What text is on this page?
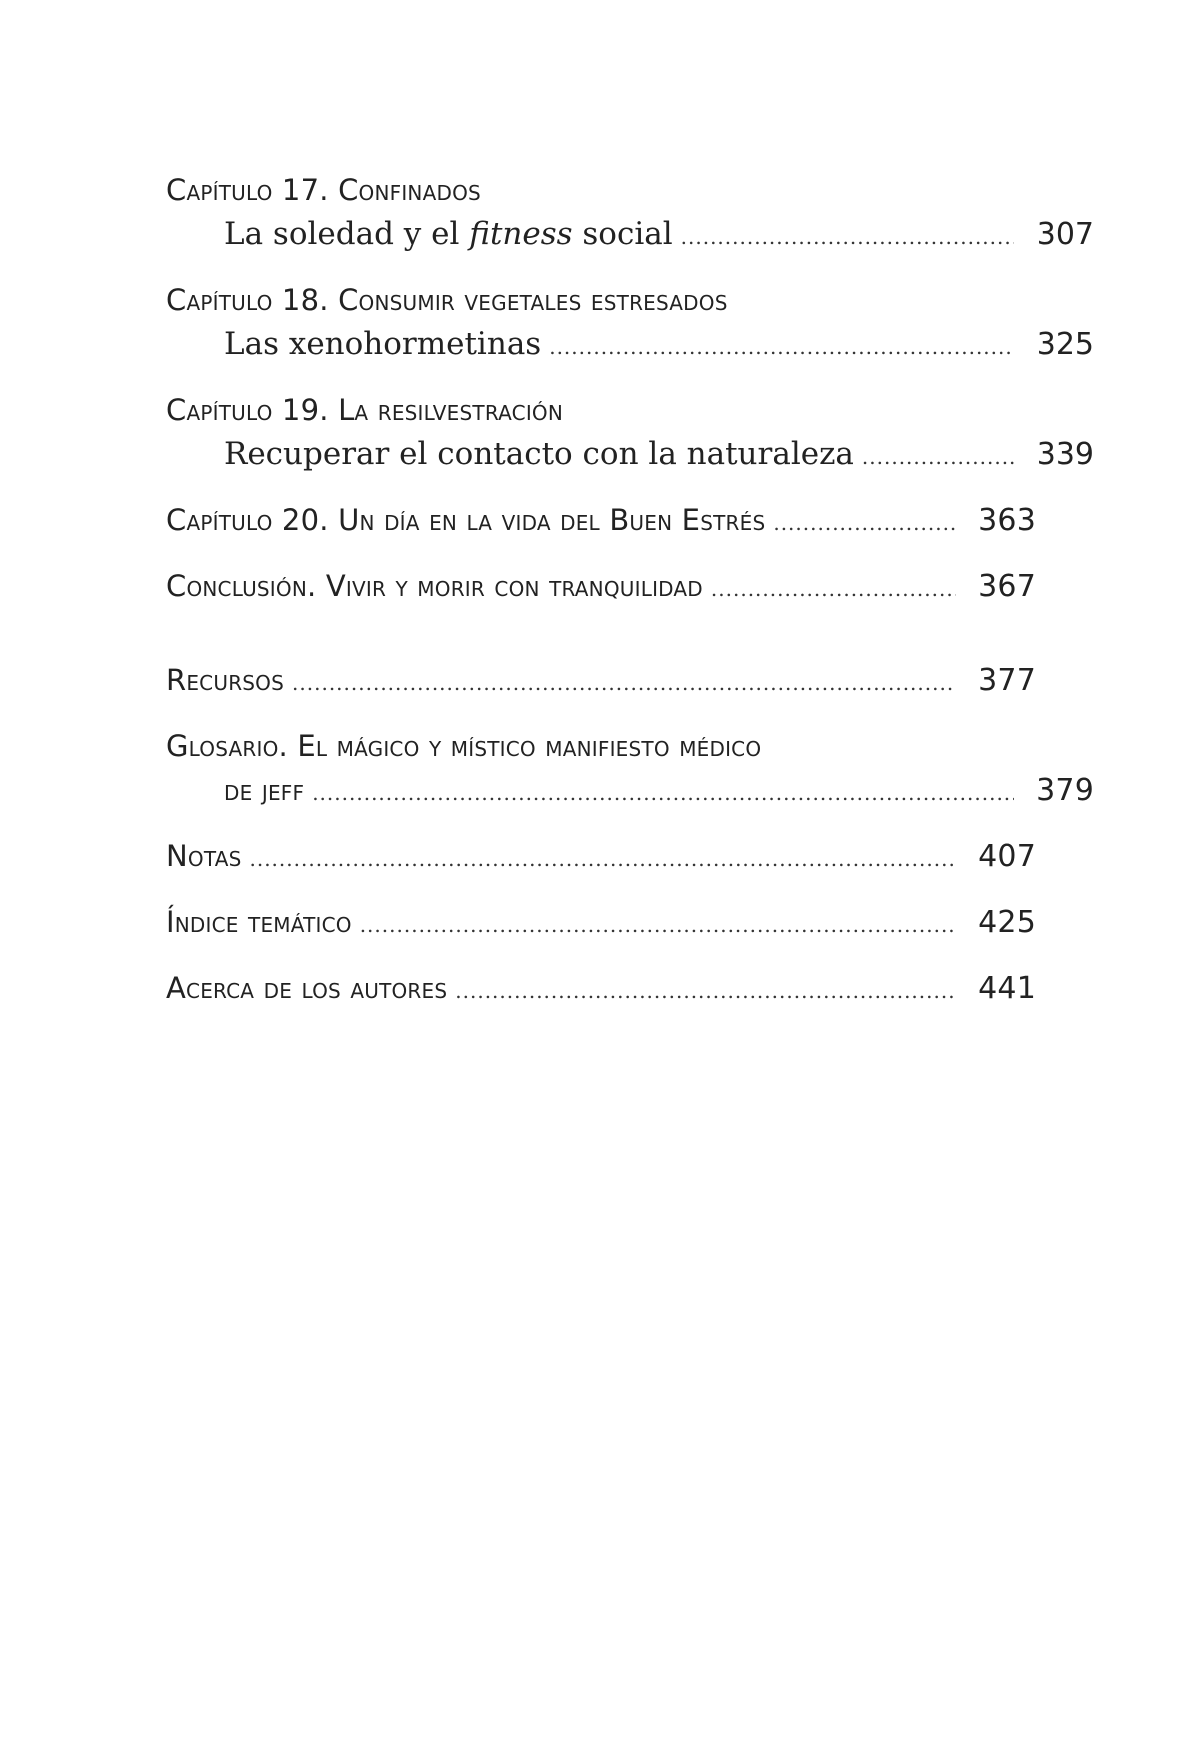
Capítulo 17. Confinados
La soledad y el fitness social .....	307
Capítulo 18. Consumir vegetales estresados
Las xenohormetinas .....	325
Capítulo 19. La resilvestración
Recuperar el contacto con la naturaleza .....	339
Capítulo 20. Un día en la vida del Buen Estrés .....	363
Conclusión. Vivir y morir con tranquilidad .....	367
Recursos .....	377
Glosario. El mágico y místico manifiesto médico
de jeff .....	379
Notas .....	407
Índice temático .....	425
Acerca de los autores .....	441
